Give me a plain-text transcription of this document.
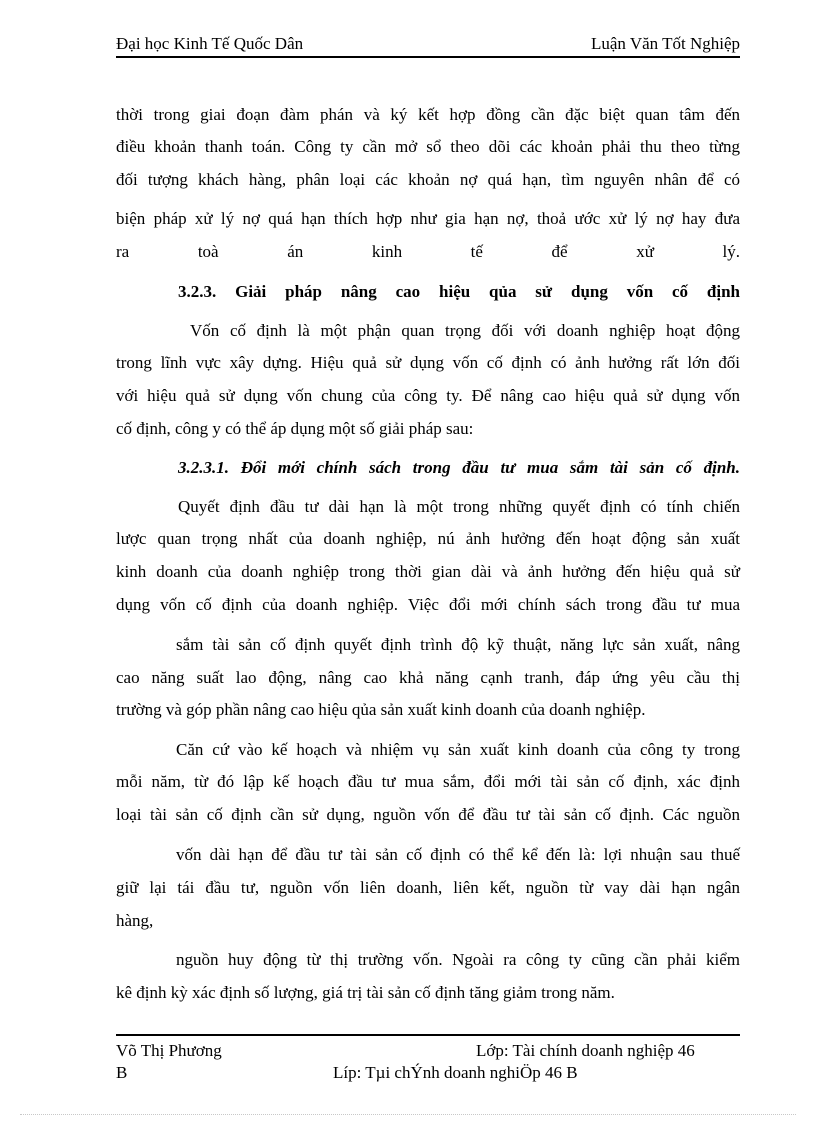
Đại học Kinh Tế Quốc Dân	Luận Văn Tốt Nghiệp
thời trong giai đoạn đàm phán và ký kết hợp đồng cần đặc biệt quan tâm đến
điều khoản thanh toán. Công ty cần mở sổ theo dõi các khoản phải thu theo từng
đối tượng khách hàng, phân loại các khoản nợ quá hạn, tìm nguyên nhân để có
biện pháp xử lý nợ quá hạn thích hợp như gia hạn nợ, thoả ước xử lý nợ hay đưa
ra toà án kinh tế để xử lý.
3.2.3. Giải pháp nâng cao hiệu qủa sử dụng vốn cố định
Vốn cố định là một phận quan trọng đối với doanh nghiệp hoạt động
trong lĩnh vực xây dựng. Hiệu quả sử dụng vốn cố định có ảnh hưởng rất lớn đối
với hiệu quả sử dụng vốn chung của công ty. Để nâng cao hiệu quả sử dụng vốn
cố định, công y có thể áp dụng một số giải pháp sau:
3.2.3.1. Đổi mới chính sách trong đầu tư mua sắm tài sản cố định.
Quyết định đầu tư dài hạn là một trong những quyết định có tính chiến
lược quan trọng nhất của doanh nghiệp, nú ảnh hưởng đến hoạt động sản xuất
kinh doanh của doanh nghiệp trong thời gian dài và ảnh hưởng đến hiệu quả sử
dụng vốn cố định của doanh nghiệp. Việc đổi mới chính sách trong đầu tư mua
sắm tài sản cố định quyết định trình độ kỹ thuật, năng lực sản xuất, nâng
cao năng suất lao động, nâng cao khả năng cạnh tranh, đáp ứng yêu cầu thị
trường và góp phần nâng cao hiệu qủa sản xuất kinh doanh của doanh nghiệp.
Căn cứ vào kế hoạch và nhiệm vụ sản xuất kinh doanh của công ty trong
mỗi năm, từ đó lập kế hoạch đầu tư mua sắm, đổi mới tài sản cố định, xác định
loại tài sản cố định cần sử dụng, nguồn vốn để đầu tư tài sản cố định. Các nguồn
vốn dài hạn để đầu tư tài sản cố định có thể kể đến là: lợi nhuận sau thuế
giữ lại tái đầu tư, nguồn vốn liên doanh, liên kết, nguồn từ vay dài hạn ngân
hàng,
nguồn huy động từ thị trường vốn. Ngoài ra công ty cũng cần phải kiểm
kê định kỳ xác định số lượng, giá trị tài sản cố định tăng giảm trong năm.
Võ Thị Phương	Lớp: Tài chính doanh nghiệp 46
B	Líp: Tµi chÝnh doanh nghiÖp 46 B
